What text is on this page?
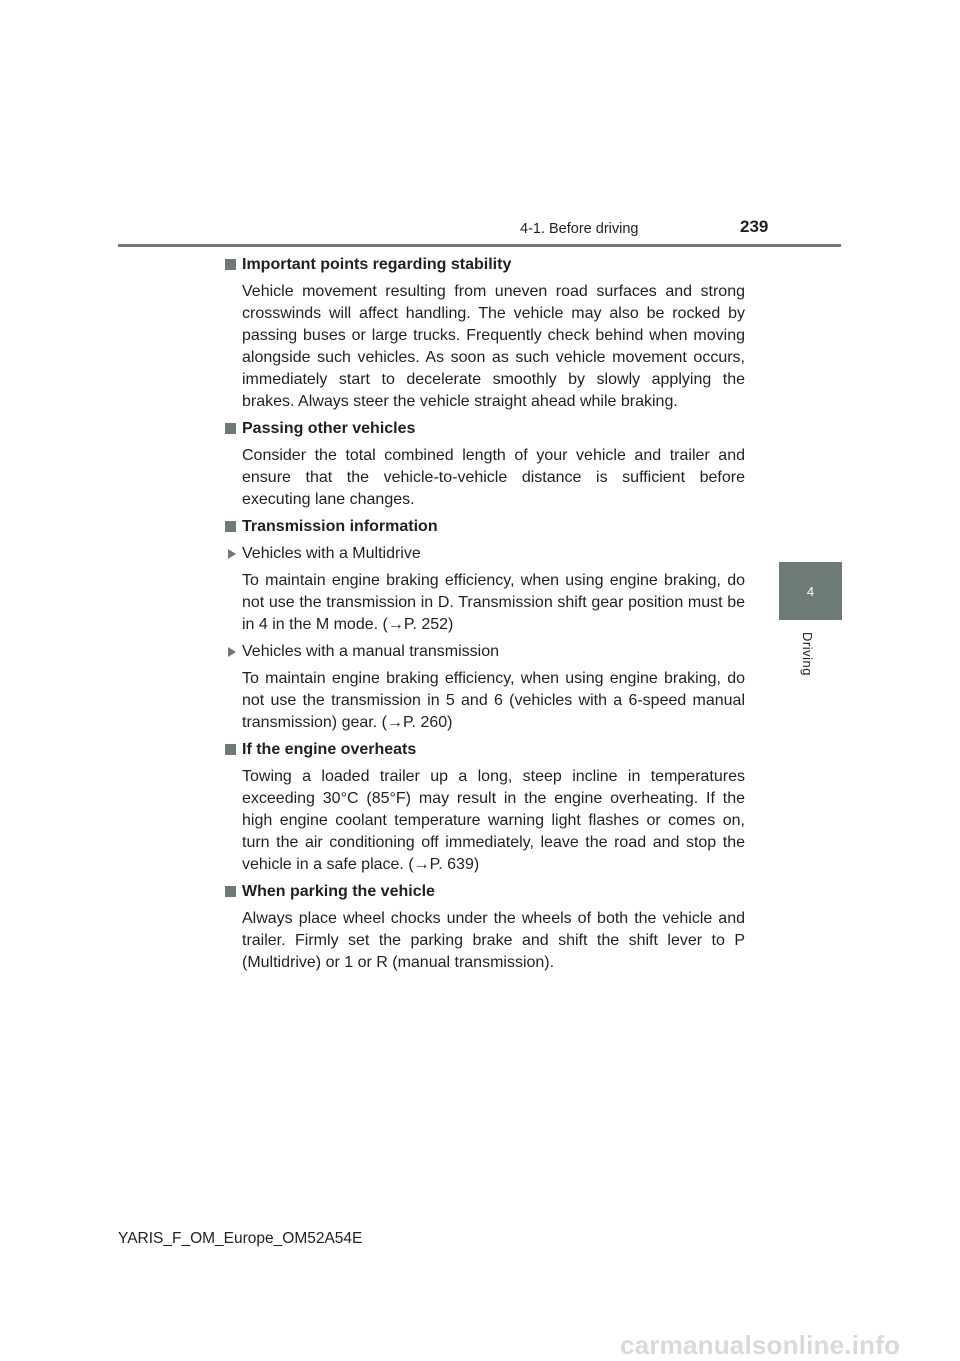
4-1. Before driving	239
4
Driving
Important points regarding stability

Vehicle movement resulting from uneven road surfaces and strong crosswinds will affect handling. The vehicle may also be rocked by passing buses or large trucks. Frequently check behind when moving alongside such vehicles. As soon as such vehicle movement occurs, immediately start to decelerate smoothly by slowly applying the brakes. Always steer the vehicle straight ahead while braking.

Passing other vehicles

Consider the total combined length of your vehicle and trailer and ensure that the vehicle-to-vehicle distance is sufficient before executing lane changes.

Transmission information
Vehicles with a Multidrive

To maintain engine braking efficiency, when using engine braking, do not use the transmission in D. Transmission shift gear position must be in 4 in the M mode. (→P. 252)

Vehicles with a manual transmission

To maintain engine braking efficiency, when using engine braking, do not use the transmission in 5 and 6 (vehicles with a 6-speed manual transmission) gear. (→P. 260)

If the engine overheats

Towing a loaded trailer up a long, steep incline in temperatures exceeding 30°C (85°F) may result in the engine overheating. If the high engine coolant temperature warning light flashes or comes on, turn the air conditioning off immediately, leave the road and stop the vehicle in a safe place. (→P. 639)

When parking the vehicle

Always place wheel chocks under the wheels of both the vehicle and trailer. Firmly set the parking brake and shift the shift lever to P (Multidrive) or 1 or R (manual transmission).

YARIS_F_OM_Europe_OM52A54E
carmanualsonline.info
